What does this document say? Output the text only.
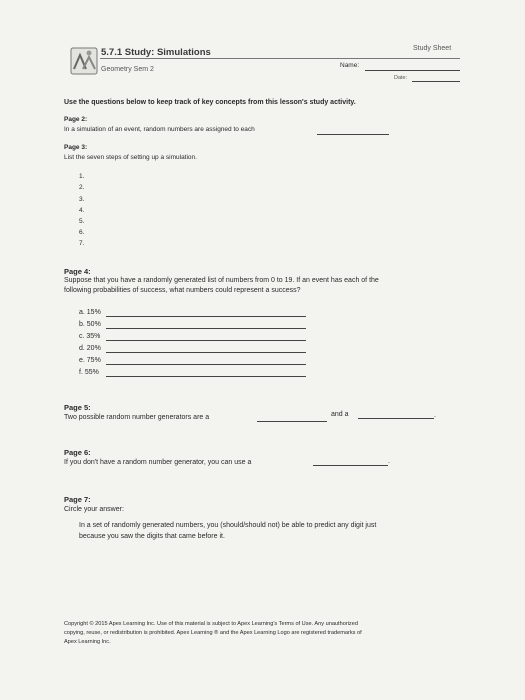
5.7.1 Study: Simulations
Geometry Sem 2
Study Sheet
Name:
Date:
Use the questions below to keep track of key concepts from this lesson's study activity.
Page 2:
In a simulation of an event, random numbers are assigned to each
Page 3:
List the seven steps of setting up a simulation.
1.
2.
3.
4.
5.
6.
7.
Page 4:
Suppose that you have a randomly generated list of numbers from 0 to 19. If an event has each of the
following probabilities of success, what numbers could represent a success?
a. 15%
b. 50%
c. 35%
d. 20%
e. 75%
f. 55%
Page 5:
Two possible random number generators are a	and a	.
Page 6:
If you don't have a random number generator, you can use a	.
Page 7:
Circle your answer:
In a set of randomly generated numbers, you (should/should not) be able to predict any digit just
because you saw the digits that came before it.
Copyright © 2015 Apex Learning Inc. Use of this material is subject to Apex Learning's Terms of Use. Any unauthorized
copying, reuse, or redistribution is prohibited. Apex Learning ® and the Apex Learning Logo are registered trademarks of
Apex Learning Inc.
